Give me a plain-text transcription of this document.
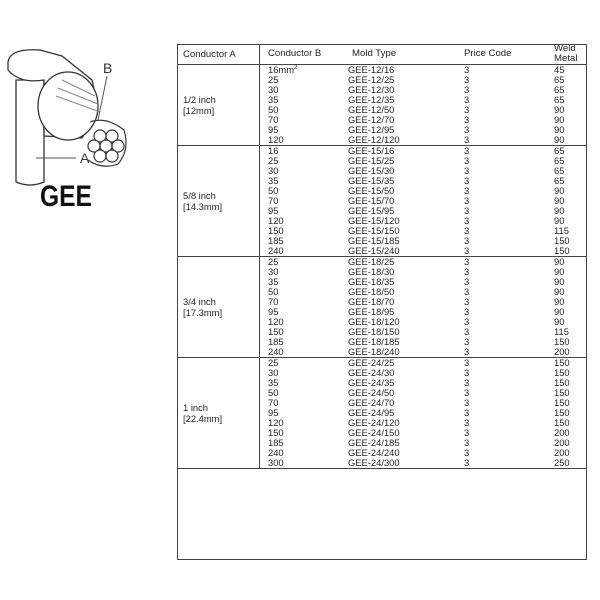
B
A
GEE
Conductor A	Conductor B	Mold Type	Price Code	Weld Metal

1/2 inch
[12mm]	$16mm^2$	GEE-12/16	3	45
	25	GEE-12/25	3	65
	30	GEE-12/30	3	65
	35	GEE-12/35	3	65
	50	GEE-12/50	3	90
	70	GEE-12/70	3	90
	95	GEE-12/95	3	90
	120	GEE-12/120	3	90

5/8 inch
[14.3mm]	16	GEE-15/16	3	65
	25	GEE-15/25	3	65
	30	GEE-15/30	3	65
	35	GEE-15/35	3	65
	50	GEE-15/50	3	90
	70	GEE-15/70	3	90
	95	GEE-15/95	3	90
	120	GEE-15/120	3	90
	150	GEE-15/150	3	115
	185	GEE-15/185	3	150
	240	GEE-15/240	3	150

3/4 inch
[17.3mm]	25	GEE-18/25	3	90
	30	GEE-18/30	3	90
	35	GEE-18/35	3	90
	50	GEE-18/50	3	90
	70	GEE-18/70	3	90
	95	GEE-18/95	3	90
	120	GEE-18/120	3	90
	150	GEE-18/150	3	115
	185	GEE-18/185	3	150
	240	GEE-18/240	3	200

1 inch
[22.4mm]	25	GEE-24/25	3	150
	30	GEE-24/30	3	150
	35	GEE-24/35	3	150
	50	GEE-24/50	3	150
	70	GEE-24/70	3	150
	95	GEE-24/95	3	150
	120	GEE-24/120	3	150
	150	GEE-24/150	3	200
	185	GEE-24/185	3	200
	240	GEE-24/240	3	200
	300	GEE-24/300	3	250
